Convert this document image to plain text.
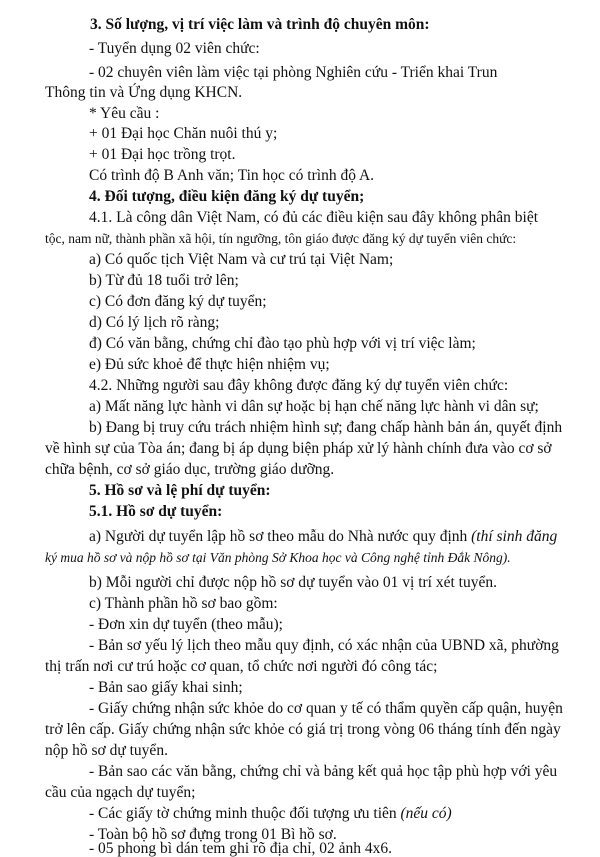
3. Số lượng, vị trí việc làm và trình độ chuyên môn:
- Tuyển dụng 02 viên chức:
- 02 chuyên viên làm việc tại phòng Nghiên cứu - Triển khai Trun
Thông tin và Ứng dụng KHCN.
* Yêu cầu :
+ 01 Đại học Chăn nuôi thú y;
+ 01 Đại học trồng trọt.
Có trình độ B Anh văn; Tin học có trình độ A.
4. Đối tượng, điều kiện đăng ký dự tuyển;
4.1. Là công dân Việt Nam, có đủ các điều kiện sau đây không phân biệt
tộc, nam nữ, thành phần xã hội, tín ngưỡng, tôn giáo được đăng ký dự tuyển viên chức:
a) Có quốc tịch Việt Nam và cư trú tại Việt Nam;
b) Từ đủ 18 tuổi trở lên;
c) Có đơn đăng ký dự tuyển;
d) Có lý lịch rõ ràng;
đ) Có văn bằng, chứng chỉ đào tạo phù hợp với vị trí việc làm;
e) Đủ sức khoẻ để thực hiện nhiệm vụ;
4.2. Những người sau đây không được đăng ký dự tuyển viên chức:
a) Mất năng lực hành vi dân sự hoặc bị hạn chế năng lực hành vi dân sự;
b) Đang bị truy cứu trách nhiệm hình sự; đang chấp hành bản án, quyết định
về hình sự của Tòa án; đang bị áp dụng biện pháp xử lý hành chính đưa vào cơ sở
chữa bệnh, cơ sở giáo dục, trường giáo dưỡng.
5. Hồ sơ và lệ phí dự tuyển:
5.1. Hồ sơ dự tuyển:
a) Người dự tuyển lập hồ sơ theo mẫu do Nhà nước quy định (thí sinh đăng
ký mua hồ sơ và nộp hồ sơ tại Văn phòng Sở Khoa học và Công nghệ tỉnh Đắk Nông).
b) Mỗi người chỉ được nộp hồ sơ dự tuyển vào 01 vị trí xét tuyển.
c) Thành phần hồ sơ bao gồm:
- Đơn xin dự tuyển (theo mẫu);
- Bản sơ yếu lý lịch theo mẫu quy định, có xác nhận của UBND xã, phường
thị trấn nơi cư trú hoặc cơ quan, tổ chức nơi người đó công tác;
- Bản sao giấy khai sinh;
- Giấy chứng nhận sức khỏe do cơ quan y tế có thẩm quyền cấp quận, huyện
trở lên cấp. Giấy chứng nhận sức khỏe có giá trị trong vòng 06 tháng tính đến ngày
nộp hồ sơ dự tuyển.
- Bản sao các văn bằng, chứng chỉ và bảng kết quả học tập phù hợp với yêu
cầu của ngạch dự tuyển;
- Các giấy tờ chứng minh thuộc đối tượng ưu tiên (nếu có)
- Toàn bộ hồ sơ đựng trong 01 Bì hồ sơ.
- 05 phong bì dán tem ghi rõ địa chỉ, 02 ảnh 4x6.
